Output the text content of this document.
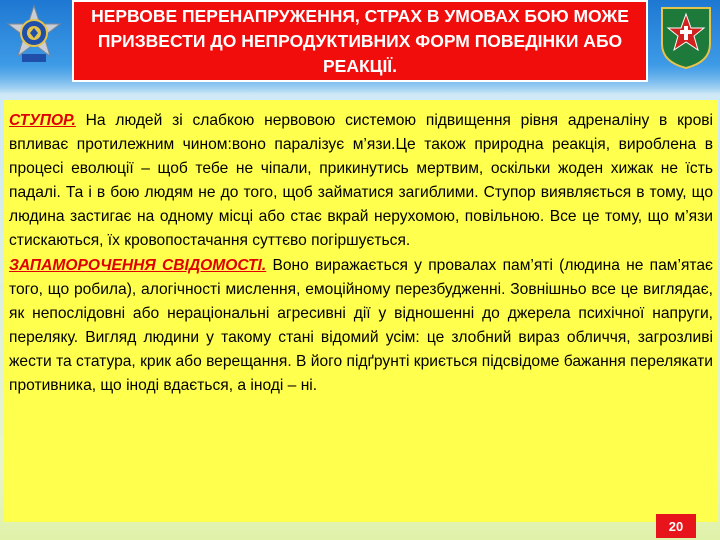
НЕРВОВЕ ПЕРЕНАПРУЖЕННЯ, СТРАХ В УМОВАХ БОЮ МОЖЕ ПРИЗВЕСТИ ДО НЕПРОДУКТИВНИХ ФОРМ ПОВЕДІНКИ АБО РЕАКЦІЇ.

СТУПОР. На людей зі слабкою нервовою системою підвищення рівня адреналіну в крові впливає протилежним чином:воно паралізує м’язи.Це також природна реакція, вироблена в процесі еволюції – щоб тебе не чіпали, прикинутись мертвим, оскільки жоден хижак не їсть падалі. Та і в бою людям не до того, щоб займатися загиблими. Ступор виявляється в тому, що людина застигає на одному місці або стає вкрай нерухомою, повільною. Все це тому, що м’язи стискаються, їх кровопостачання суттєво погіршується.

ЗАПАМОРОЧЕННЯ СВІДОМОСТІ. Воно виражається у провалах пам’яті (людина не пам’ятає того, що робила), алогічності мислення, емоційному перезбудженні. Зовнішньо все це виглядає, як непослідовні або нераціональні агресивні дії у відношенні до джерела психічної напруги, переляку. Вигляд людини у такому стані відомий усім: це злобний вираз обличчя, загрозливі жести та статура, крик або верещання. В його підґрунті криється підсвідоме бажання перелякати противника, що іноді вдається, а іноді – ні.

20
